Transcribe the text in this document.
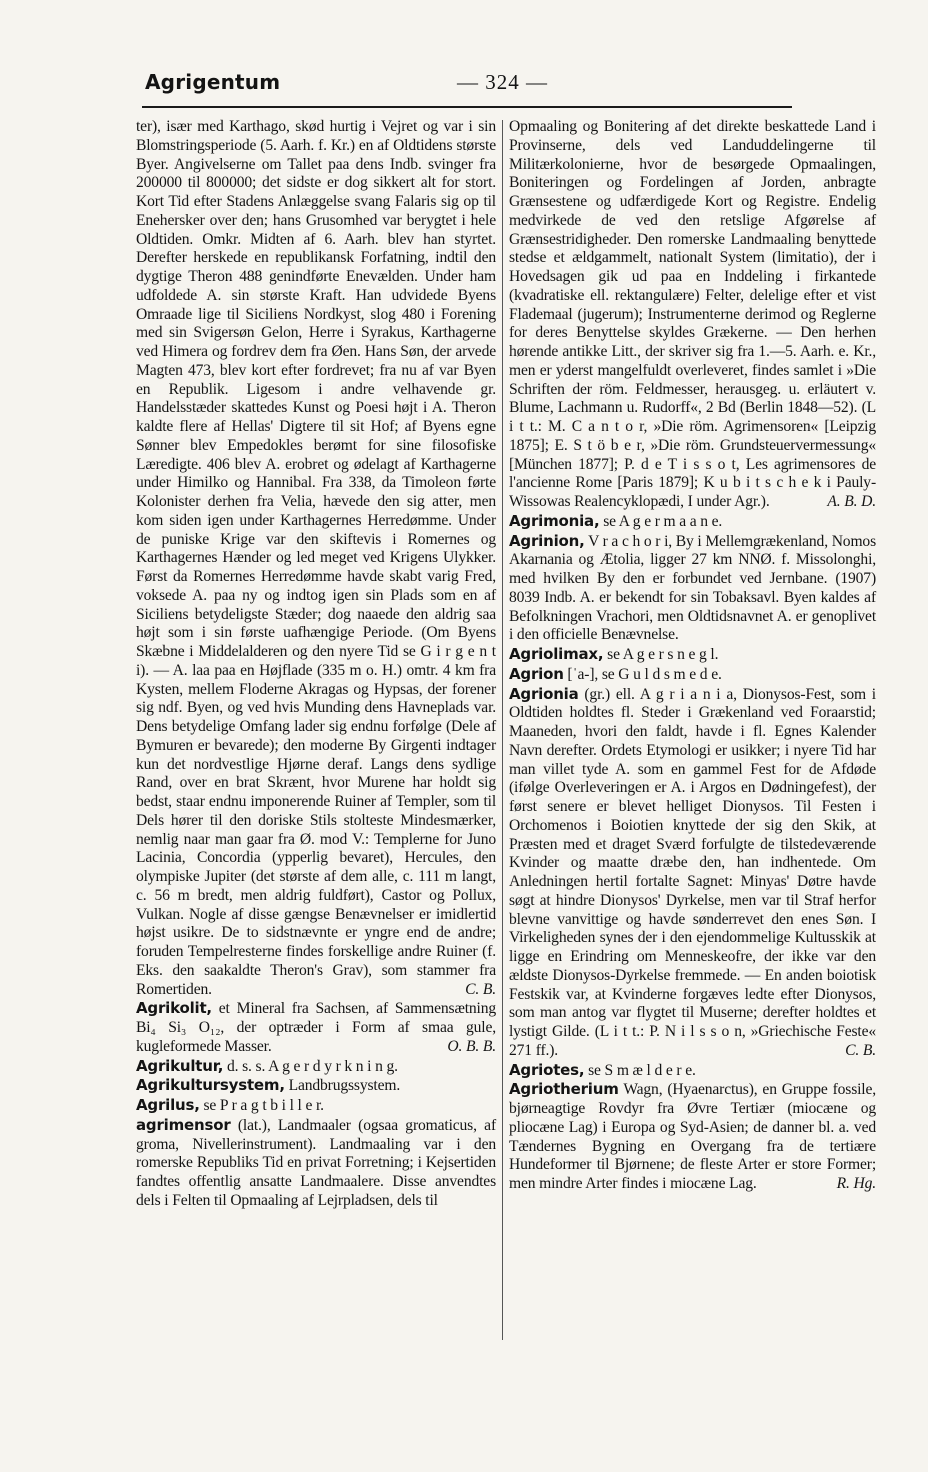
Agrigentum	— 324 —

ter), især med Karthago, skød hurtig i Vejret og var i sin Blomstringsperiode (5. Aarh. f. Kr.) en af Oldtidens største Byer. Angivelserne om Tallet paa dens Indb. svinger fra 200000 til 800000; det sidste er dog sikkert alt for stort. Kort Tid efter Stadens Anlæggelse svang Falaris sig op til Enehersker over den; hans Grusomhed var berygtet i hele Oldtiden. Omkr. Midten af 6. Aarh. blev han styrtet. Derefter herskede en republikansk Forfatning, indtil den dygtige Theron 488 genindførte Enevælden. Under ham udfoldede A. sin største Kraft. Han udvidede Byens Omraade lige til Siciliens Nordkyst, slog 480 i Forening med sin Svigersøn Gelon, Herre i Syrakus, Karthagerne ved Himera og fordrev dem fra Øen. Hans Søn, der arvede Magten 473, blev kort efter fordrevet; fra nu af var Byen en Republik. Ligesom i andre velhavende gr. Handelsstæder skattedes Kunst og Poesi højt i A. Theron kaldte flere af Hellas' Digtere til sit Hof; af Byens egne Sønner blev Empedokles berømt for sine filosofiske Læredigte. 406 blev A. erobret og ødelagt af Karthagerne under Himilko og Hannibal. Fra 338, da Timoleon førte Kolonister derhen fra Velia, hævede den sig atter, men kom siden igen under Karthagernes Herredømme. Under de puniske Krige var den skiftevis i Romernes og Karthagernes Hænder og led meget ved Krigens Ulykker. Først da Romernes Herredømme havde skabt varig Fred, voksede A. paa ny og indtog igen sin Plads som en af Siciliens betydeligste Stæder; dog naaede den aldrig saa højt som i sin første uafhængige Periode. (Om Byens Skæbne i Middelalderen og den nyere Tid se G i r g e n t i). — A. laa paa en Højflade (335 m o. H.) omtr. 4 km fra Kysten, mellem Floderne Akragas og Hypsas, der forener sig ndf. Byen, og ved hvis Munding dens Havneplads var. Dens betydelige Omfang lader sig endnu forfølge (Dele af Bymuren er bevarede); den moderne By Girgenti indtager kun det nordvestlige Hjørne deraf. Langs dens sydlige Rand, over en brat Skrænt, hvor Murene har holdt sig bedst, staar endnu imponerende Ruiner af Templer, som til Dels hører til den doriske Stils stolteste Mindesmærker, nemlig naar man gaar fra Ø. mod V.: Templerne for Juno Lacinia, Concordia (ypperlig bevaret), Hercules, den olympiske Jupiter (det største af dem alle, c. 111 m langt, c. 56 m bredt, men aldrig fuldført), Castor og Pollux, Vulkan. Nogle af disse gængse Benævnelser er imidlertid højst usikre. De to sidstnævnte er yngre end de andre; foruden Tempelresterne findes forskellige andre Ruiner (f. Eks. den saakaldte Theron's Grav), som stammer fra Romertiden.	C. B.

Agrikolit, et Mineral fra Sachsen, af Sammensætning Bi₄ Si₃ O₁₂, der optræder i Form af smaa gule, kugleformede Masser.	O. B. B.

Agrikultur, d. s. s. A g e r d y r k n i n g.

Agrikultursystem, Landbrugssystem.

Agrilus, se P r a g t b i l l e r.

agrimensor (lat.), Landmaaler (ogsaa gromaticus, af groma, Nivellerinstrument). Landmaaling var i den romerske Republiks Tid en privat Forretning; i Kejsertiden fandtes offentlig ansatte Landmaalere. Disse anvendtes dels i Felten til Opmaaling af Lejrpladsen, dels til

Opmaaling og Bonitering af det direkte beskattede Land i Provinserne, dels ved Landuddelingerne til Militærkolonierne, hvor de besørgede Opmaalingen, Boniteringen og Fordelingen af Jorden, anbragte Grænsestene og udfærdigede Kort og Registre. Endelig medvirkede de ved den retslige Afgørelse af Grænsestridigheder. Den romerske Landmaaling benyttede stedse et ældgammelt, nationalt System (limitatio), der i Hovedsagen gik ud paa en Inddeling i firkantede (kvadratiske ell. rektangulære) Felter, delelige efter et vist Flademaal (jugerum); Instrumenterne derimod og Reglerne for deres Benyttelse skyldes Grækerne. — Den herhen hørende antikke Litt., der skriver sig fra 1.—5. Aarh. e. Kr., men er yderst mangelfuldt overleveret, findes samlet i »Die Schriften der röm. Feldmesser, herausgeg. u. erläutert v. Blume, Lachmann u. Rudorff«, 2 Bd (Berlin 1848—52). (L i t t.: M. C a n t o r, »Die röm. Agrimensoren« [Leipzig 1875]; E. S t ö b e r, »Die röm. Grundsteuervermessung« [München 1877]; P. d e T i s s o t, Les agrimensores de l'ancienne Rome [Paris 1879]; K u b i t s c h e k i Pauly-Wissowas Realencyklopædi, I under Agr.).	A. B. D.

Agrimonia, se A g e r m a a n e.

Agrinion, V r a c h o r i, By i Mellemgrækenland, Nomos Akarnania og Ætolia, ligger 27 km NNØ. f. Missolonghi, med hvilken By den er forbundet ved Jernbane. (1907) 8039 Indb. A. er bekendt for sin Tobaksavl. Byen kaldes af Befolkningen Vrachori, men Oldtidsnavnet A. er genoplivet i den officielle Benævnelse.

Agriolimax, se A g e r s n e g l.

Agrion [ˈa-], se G u l d s m e d e.

Agrionia (gr.) ell. A g r i a n i a, Dionysos-Fest, som i Oldtiden holdtes fl. Steder i Grækenland ved Foraarstid; Maaneden, hvori den faldt, havde i fl. Egnes Kalender Navn derefter. Ordets Etymologi er usikker; i nyere Tid har man villet tyde A. som en gammel Fest for de Afdøde (ifølge Overleveringen er A. i Argos en Dødningefest), der først senere er blevet helliget Dionysos. Til Festen i Orchomenos i Boiotien knyttede der sig den Skik, at Præsten med et draget Sværd forfulgte de tilstedeværende Kvinder og maatte dræbe den, han indhentede. Om Anledningen hertil fortalte Sagnet: Minyas' Døtre havde søgt at hindre Dionysos' Dyrkelse, men var til Straf herfor blevne vanvittige og havde sønderrevet den enes Søn. I Virkeligheden synes der i den ejendommelige Kultusskik at ligge en Erindring om Menneskeofre, der ikke var den ældste Dionysos-Dyrkelse fremmede. — En anden boiotisk Festskik var, at Kvinderne forgæves ledte efter Dionysos, som man antog var flygtet til Muserne; derefter holdtes et lystigt Gilde. (L i t t.: P. N i l s s o n, »Griechische Feste« 271 ff.).	C. B.

Agriotes, se S m æ l d e r e.

Agriotherium Wagn, (Hyaenarctus), en Gruppe fossile, bjørneagtige Rovdyr fra Øvre Tertiær (miocæne og pliocæne Lag) i Europa og Syd-Asien; de danner bl. a. ved Tændernes Bygning en Overgang fra de tertiære Hundeformer til Bjørnene; de fleste Arter er store Former; men mindre Arter findes i miocæne Lag.	R. Hg.
